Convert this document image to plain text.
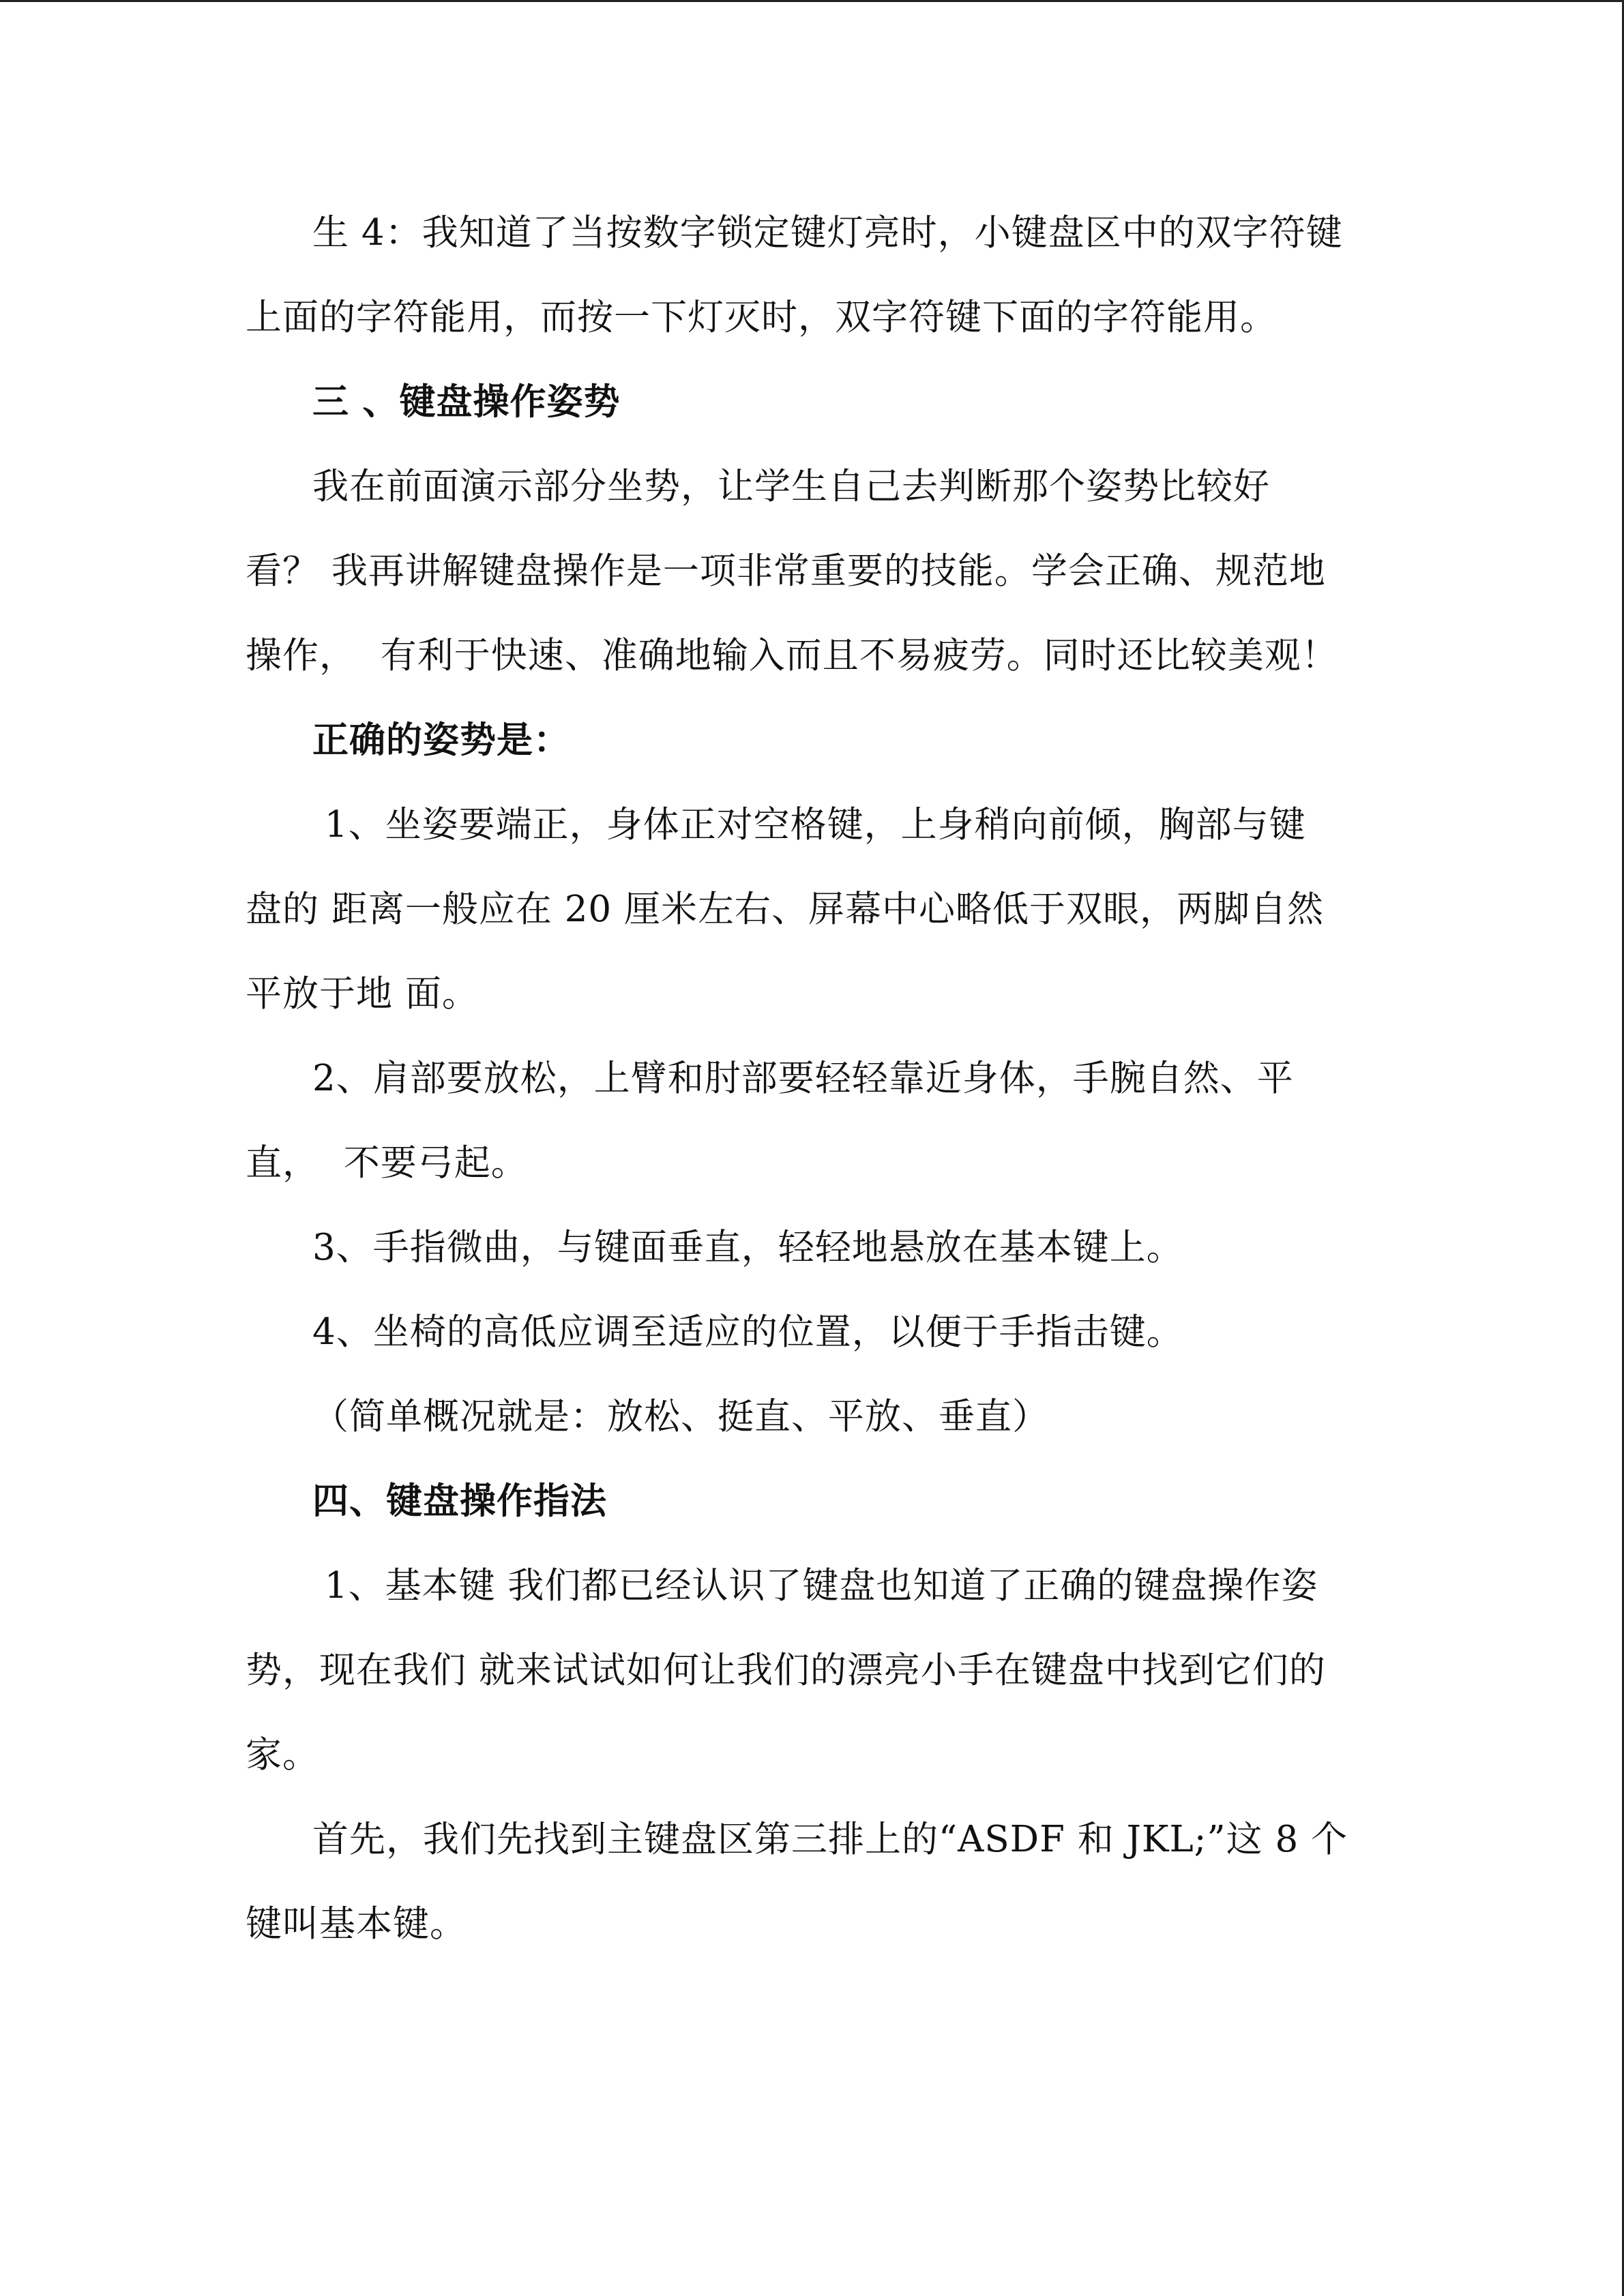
生 4：我知道了当按数字锁定键灯亮时，小键盘区中的双字符键
上面的字符能用，而按一下灯灭时，双字符键下面的字符能用。
三 、键盘操作姿势
我在前面演示部分坐势，让学生自己去判断那个姿势比较好
看？ 我再讲解键盘操作是一项非常重要的技能。学会正确、规范地
操作，  有利于快速、准确地输入而且不易疲劳。同时还比较美观！
正确的姿势是：
1、坐姿要端正，身体正对空格键，上身稍向前倾，胸部与键
盘的 距离一般应在 20 厘米左右、屏幕中心略低于双眼，两脚自然
平放于地 面。
2、肩部要放松，上臂和肘部要轻轻靠近身体，手腕自然、平
直，  不要弓起。
3、手指微曲，与键面垂直，轻轻地悬放在基本键上。
4、坐椅的高低应调至适应的位置，以便于手指击键。
（简单概况就是：放松、挺直、平放、垂直）
四、键盘操作指法
1、基本键 我们都已经认识了键盘也知道了正确的键盘操作姿
势，现在我们 就来试试如何让我们的漂亮小手在键盘中找到它们的
家。
首先，我们先找到主键盘区第三排上的“ASDF 和 JKL;”这 8 个
键叫基本键。
